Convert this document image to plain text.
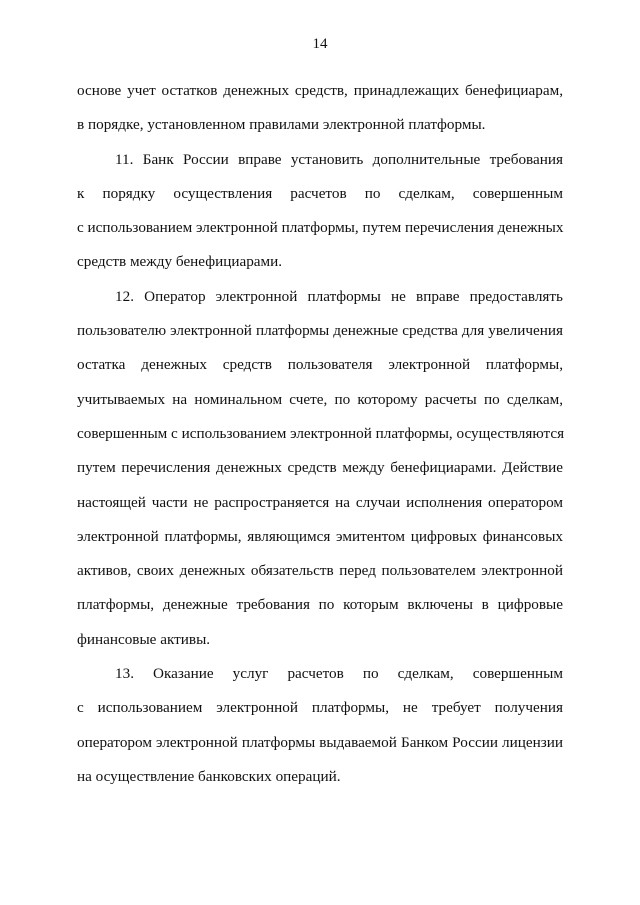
14
основе учет остатков денежных средств, принадлежащих бенефициарам,
в порядке, установленном правилами электронной платформы.
11. Банк России вправе установить дополнительные требования
к порядку осуществления расчетов по сделкам, совершенным
с использованием электронной платформы, путем перечисления денежных
средств между бенефициарами.
12. Оператор электронной платформы не вправе предоставлять
пользователю электронной платформы денежные средства для увеличения
остатка денежных средств пользователя электронной платформы,
учитываемых на номинальном счете, по которому расчеты по сделкам,
совершенным с использованием электронной платформы, осуществляются
путем перечисления денежных средств между бенефициарами. Действие
настоящей части не распространяется на случаи исполнения оператором
электронной платформы, являющимся эмитентом цифровых финансовых
активов, своих денежных обязательств перед пользователем электронной
платформы, денежные требования по которым включены в цифровые
финансовые активы.
13. Оказание услуг расчетов по сделкам, совершенным
с использованием электронной платформы, не требует получения
оператором электронной платформы выдаваемой Банком России лицензии
на осуществление банковских операций.
